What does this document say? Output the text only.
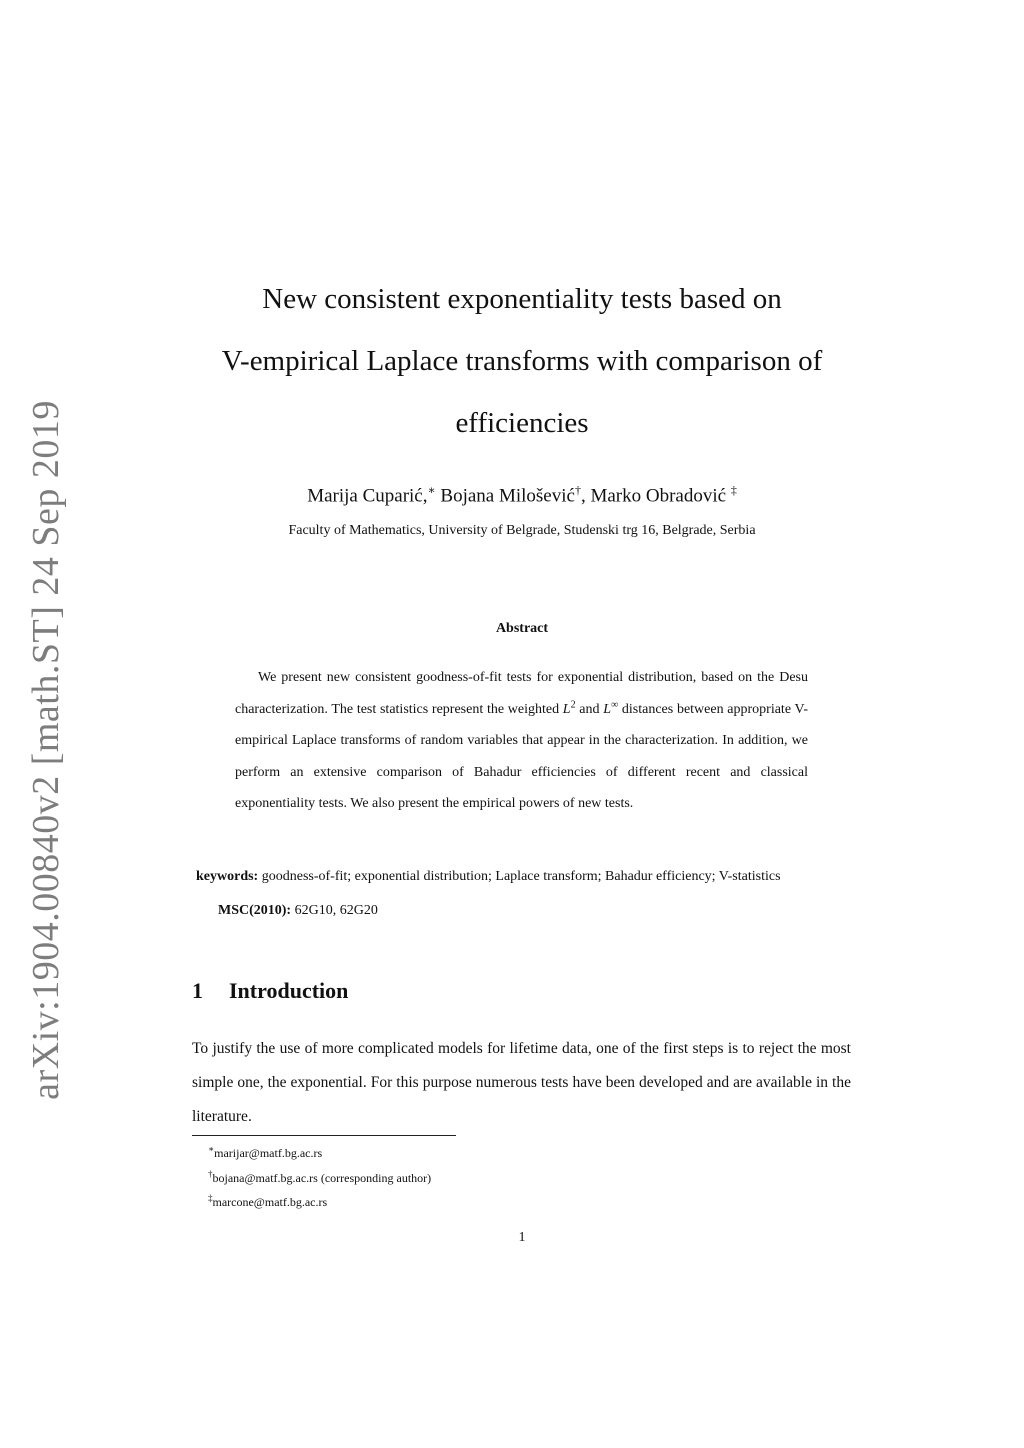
arXiv:1904.00840v2 [math.ST] 24 Sep 2019
New consistent exponentiality tests based on
V-empirical Laplace transforms with comparison of
efficiencies
Marija Cuparić,∗ Bojana Milošević†, Marko Obradović ‡
Faculty of Mathematics, University of Belgrade, Studenski trg 16, Belgrade, Serbia
Abstract

We present new consistent goodness-of-fit tests for exponential distribution, based on the Desu characterization. The test statistics represent the weighted $L^2$ and L∞ distances between appropriate V-empirical Laplace transforms of random variables that appear in the characterization. In addition, we perform an extensive comparison of Bahadur efficiencies of different recent and classical exponentiality tests. We also present the empirical powers of new tests.

keywords: goodness-of-fit; exponential distribution; Laplace transform; Bahadur efficiency; V-statistics
MSC(2010): 62G10, 62G20
1 Introduction

To justify the use of more complicated models for lifetime data, one of the first steps is to reject the most simple one, the exponential. For this purpose numerous tests have been developed and are available in the literature.

∗marijar@matf.bg.ac.rs
†bojana@matf.bg.ac.rs (corresponding author)
‡marcone@matf.bg.ac.rs
1
